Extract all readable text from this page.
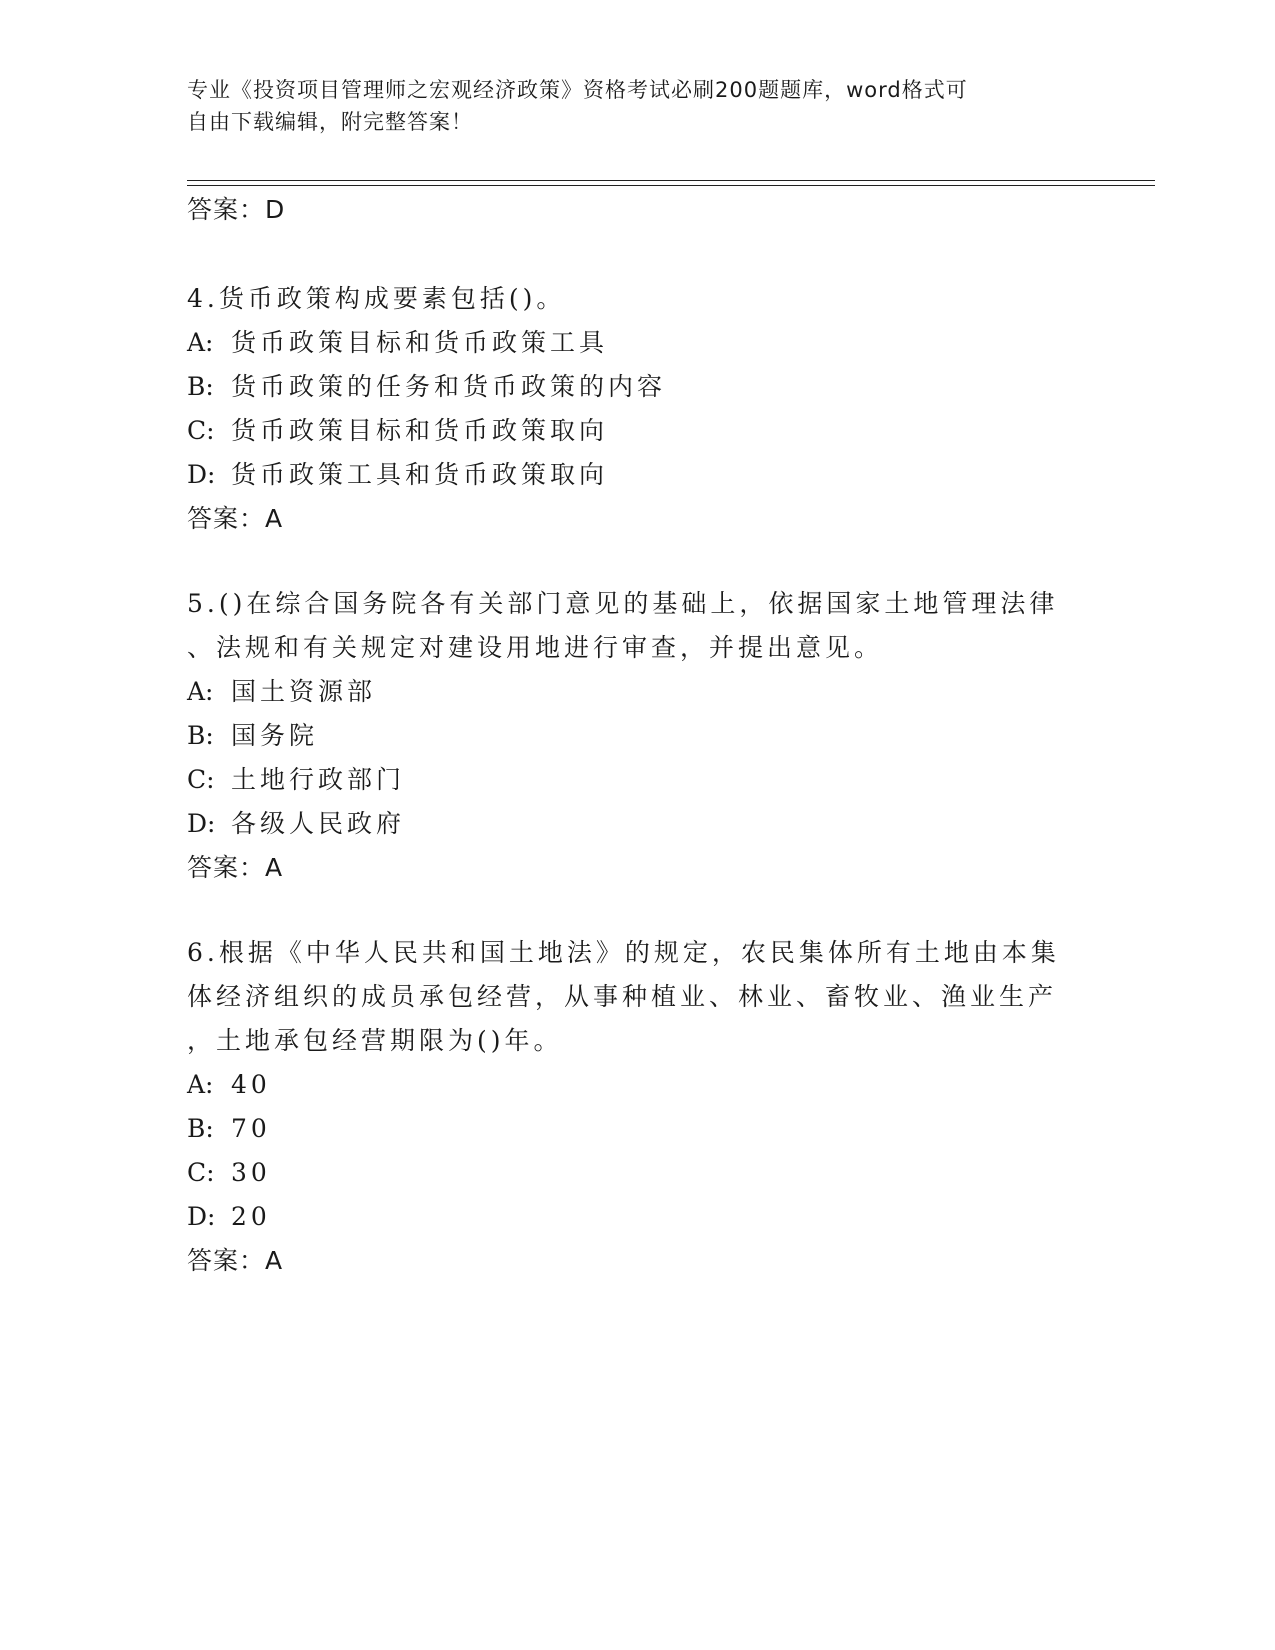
专业《投资项目管理师之宏观经济政策》资格考试必刷200题题库，word格式可
自由下载编辑，附完整答案！
答案：D
4.货币政策构成要素包括()。
A: 货币政策目标和货币政策工具
B: 货币政策的任务和货币政策的内容
C: 货币政策目标和货币政策取向
D: 货币政策工具和货币政策取向
答案：A
5.()在综合国务院各有关部门意见的基础上，依据国家土地管理法律
、法规和有关规定对建设用地进行审查，并提出意见。
A: 国土资源部
B: 国务院
C: 土地行政部门
D: 各级人民政府
答案：A
6.根据《中华人民共和国土地法》的规定，农民集体所有土地由本集
体经济组织的成员承包经营，从事种植业、林业、畜牧业、渔业生产
，土地承包经营期限为()年。
A: 40
B: 70
C: 30
D: 20
答案：A
